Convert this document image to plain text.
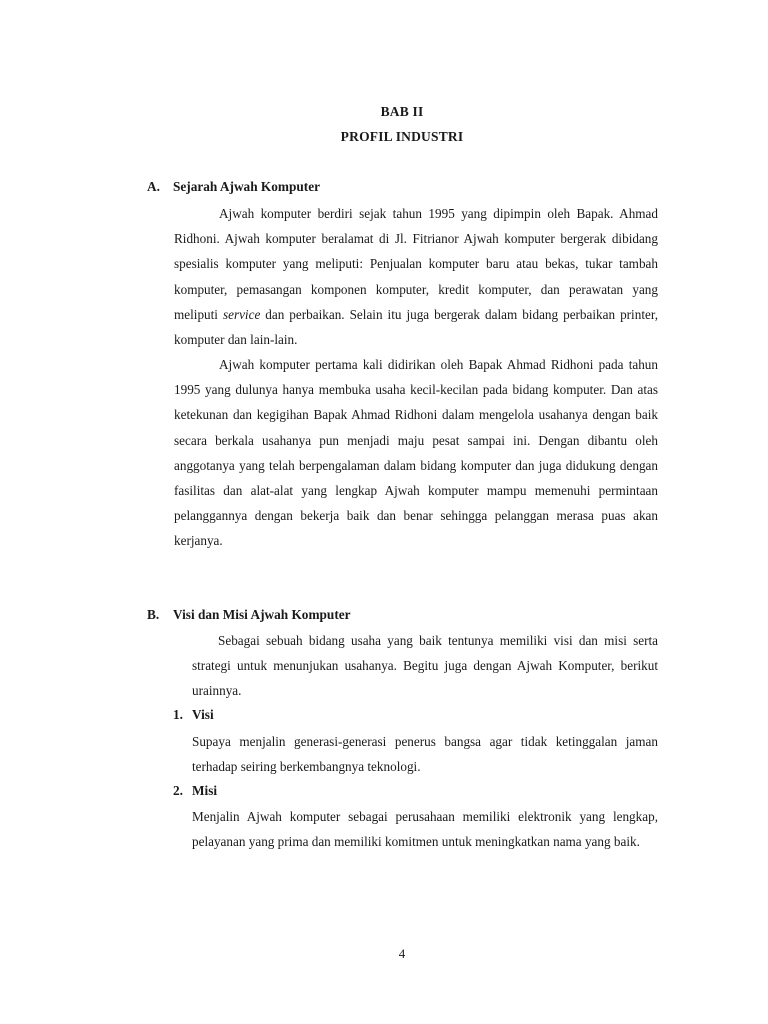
BAB II
PROFIL INDUSTRI
A. Sejarah Ajwah Komputer

Ajwah komputer berdiri sejak tahun 1995 yang dipimpin oleh Bapak. Ahmad Ridhoni. Ajwah komputer beralamat di Jl. Fitrianor Ajwah komputer bergerak dibidang spesialis komputer yang meliputi: Penjualan komputer baru atau bekas, tukar tambah komputer, pemasangan komponen komputer, kredit komputer, dan perawatan yang meliputi service dan perbaikan. Selain itu juga bergerak dalam bidang perbaikan printer, komputer dan lain-lain.

Ajwah komputer pertama kali didirikan oleh Bapak Ahmad Ridhoni pada tahun 1995 yang dulunya hanya membuka usaha kecil-kecilan pada bidang komputer. Dan atas ketekunan dan kegigihan Bapak Ahmad Ridhoni dalam mengelola usahanya dengan baik secara berkala usahanya pun menjadi maju pesat sampai ini. Dengan dibantu oleh anggotanya yang telah berpengalaman dalam bidang komputer dan juga didukung dengan fasilitas dan alat-alat yang lengkap Ajwah komputer mampu memenuhi permintaan pelanggannya dengan bekerja baik dan benar sehingga pelanggan merasa puas akan kerjanya.

B. Visi dan Misi Ajwah Komputer

Sebagai sebuah bidang usaha yang baik tentunya memiliki visi dan misi serta strategi untuk menunjukan usahanya. Begitu juga dengan Ajwah Komputer, berikut urainnya.

1. Visi

Supaya menjalin generasi-generasi penerus bangsa agar tidak ketinggalan jaman terhadap seiring berkembangnya teknologi.

2. Misi

Menjalin Ajwah komputer sebagai perusahaan memiliki elektronik yang lengkap, pelayanan yang prima dan memiliki komitmen untuk meningkatkan nama yang baik.

4
